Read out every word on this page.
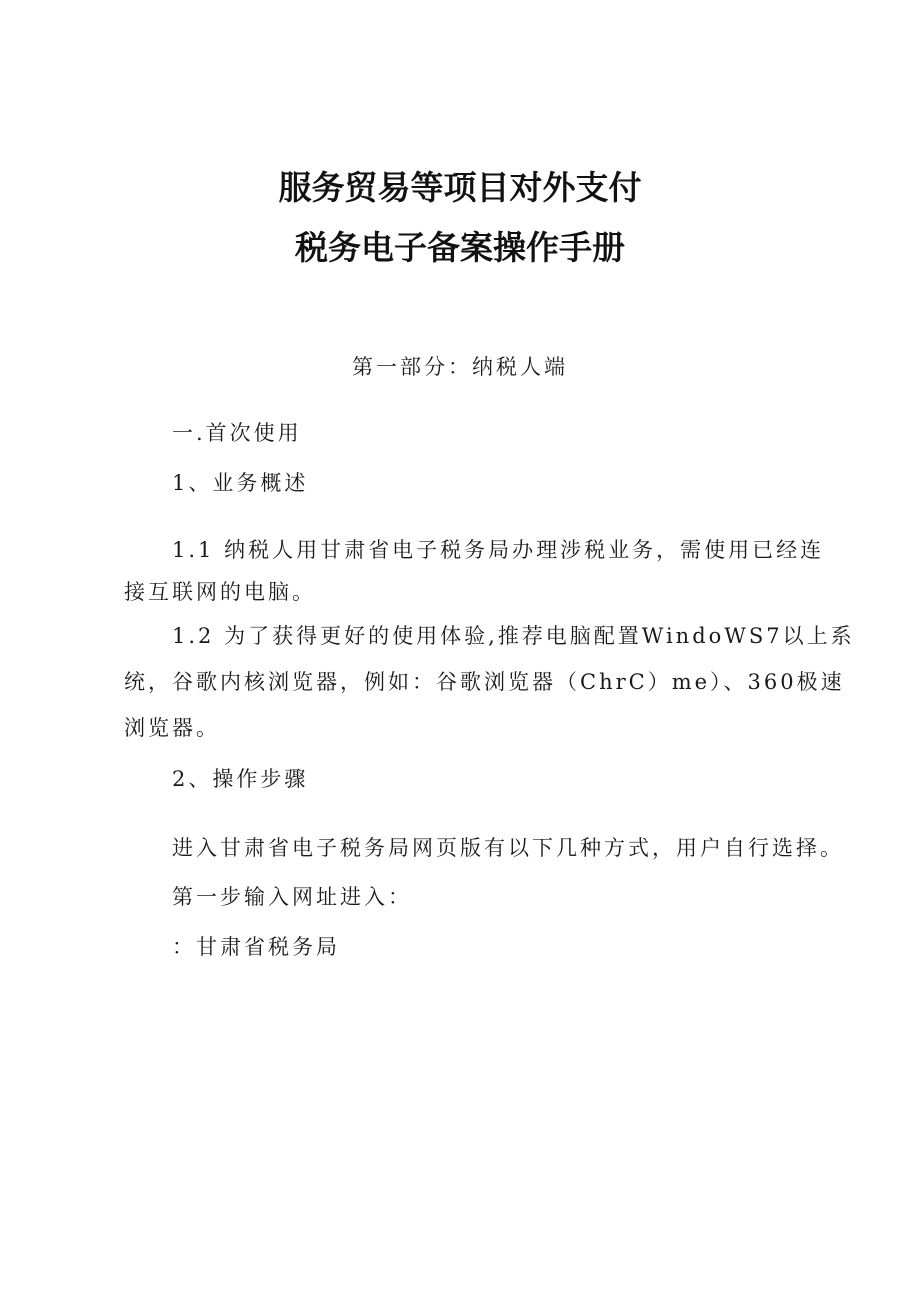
服务贸易等项目对外支付
税务电子备案操作手册
第一部分：纳税人端
一.首次使用
1、业务概述
1.1 纳税人用甘肃省电子税务局办理涉税业务，需使用已经连
接互联网的电脑。
1.2 为了获得更好的使用体验,推荐电脑配置WindoWS7以上系
统，谷歌内核浏览器，例如：谷歌浏览器（ChrC）me）、360极速
浏览器。
2、操作步骤
进入甘肃省电子税务局网页版有以下几种方式，用户自行选择。
第一步输入网址进入：
：甘肃省税务局
